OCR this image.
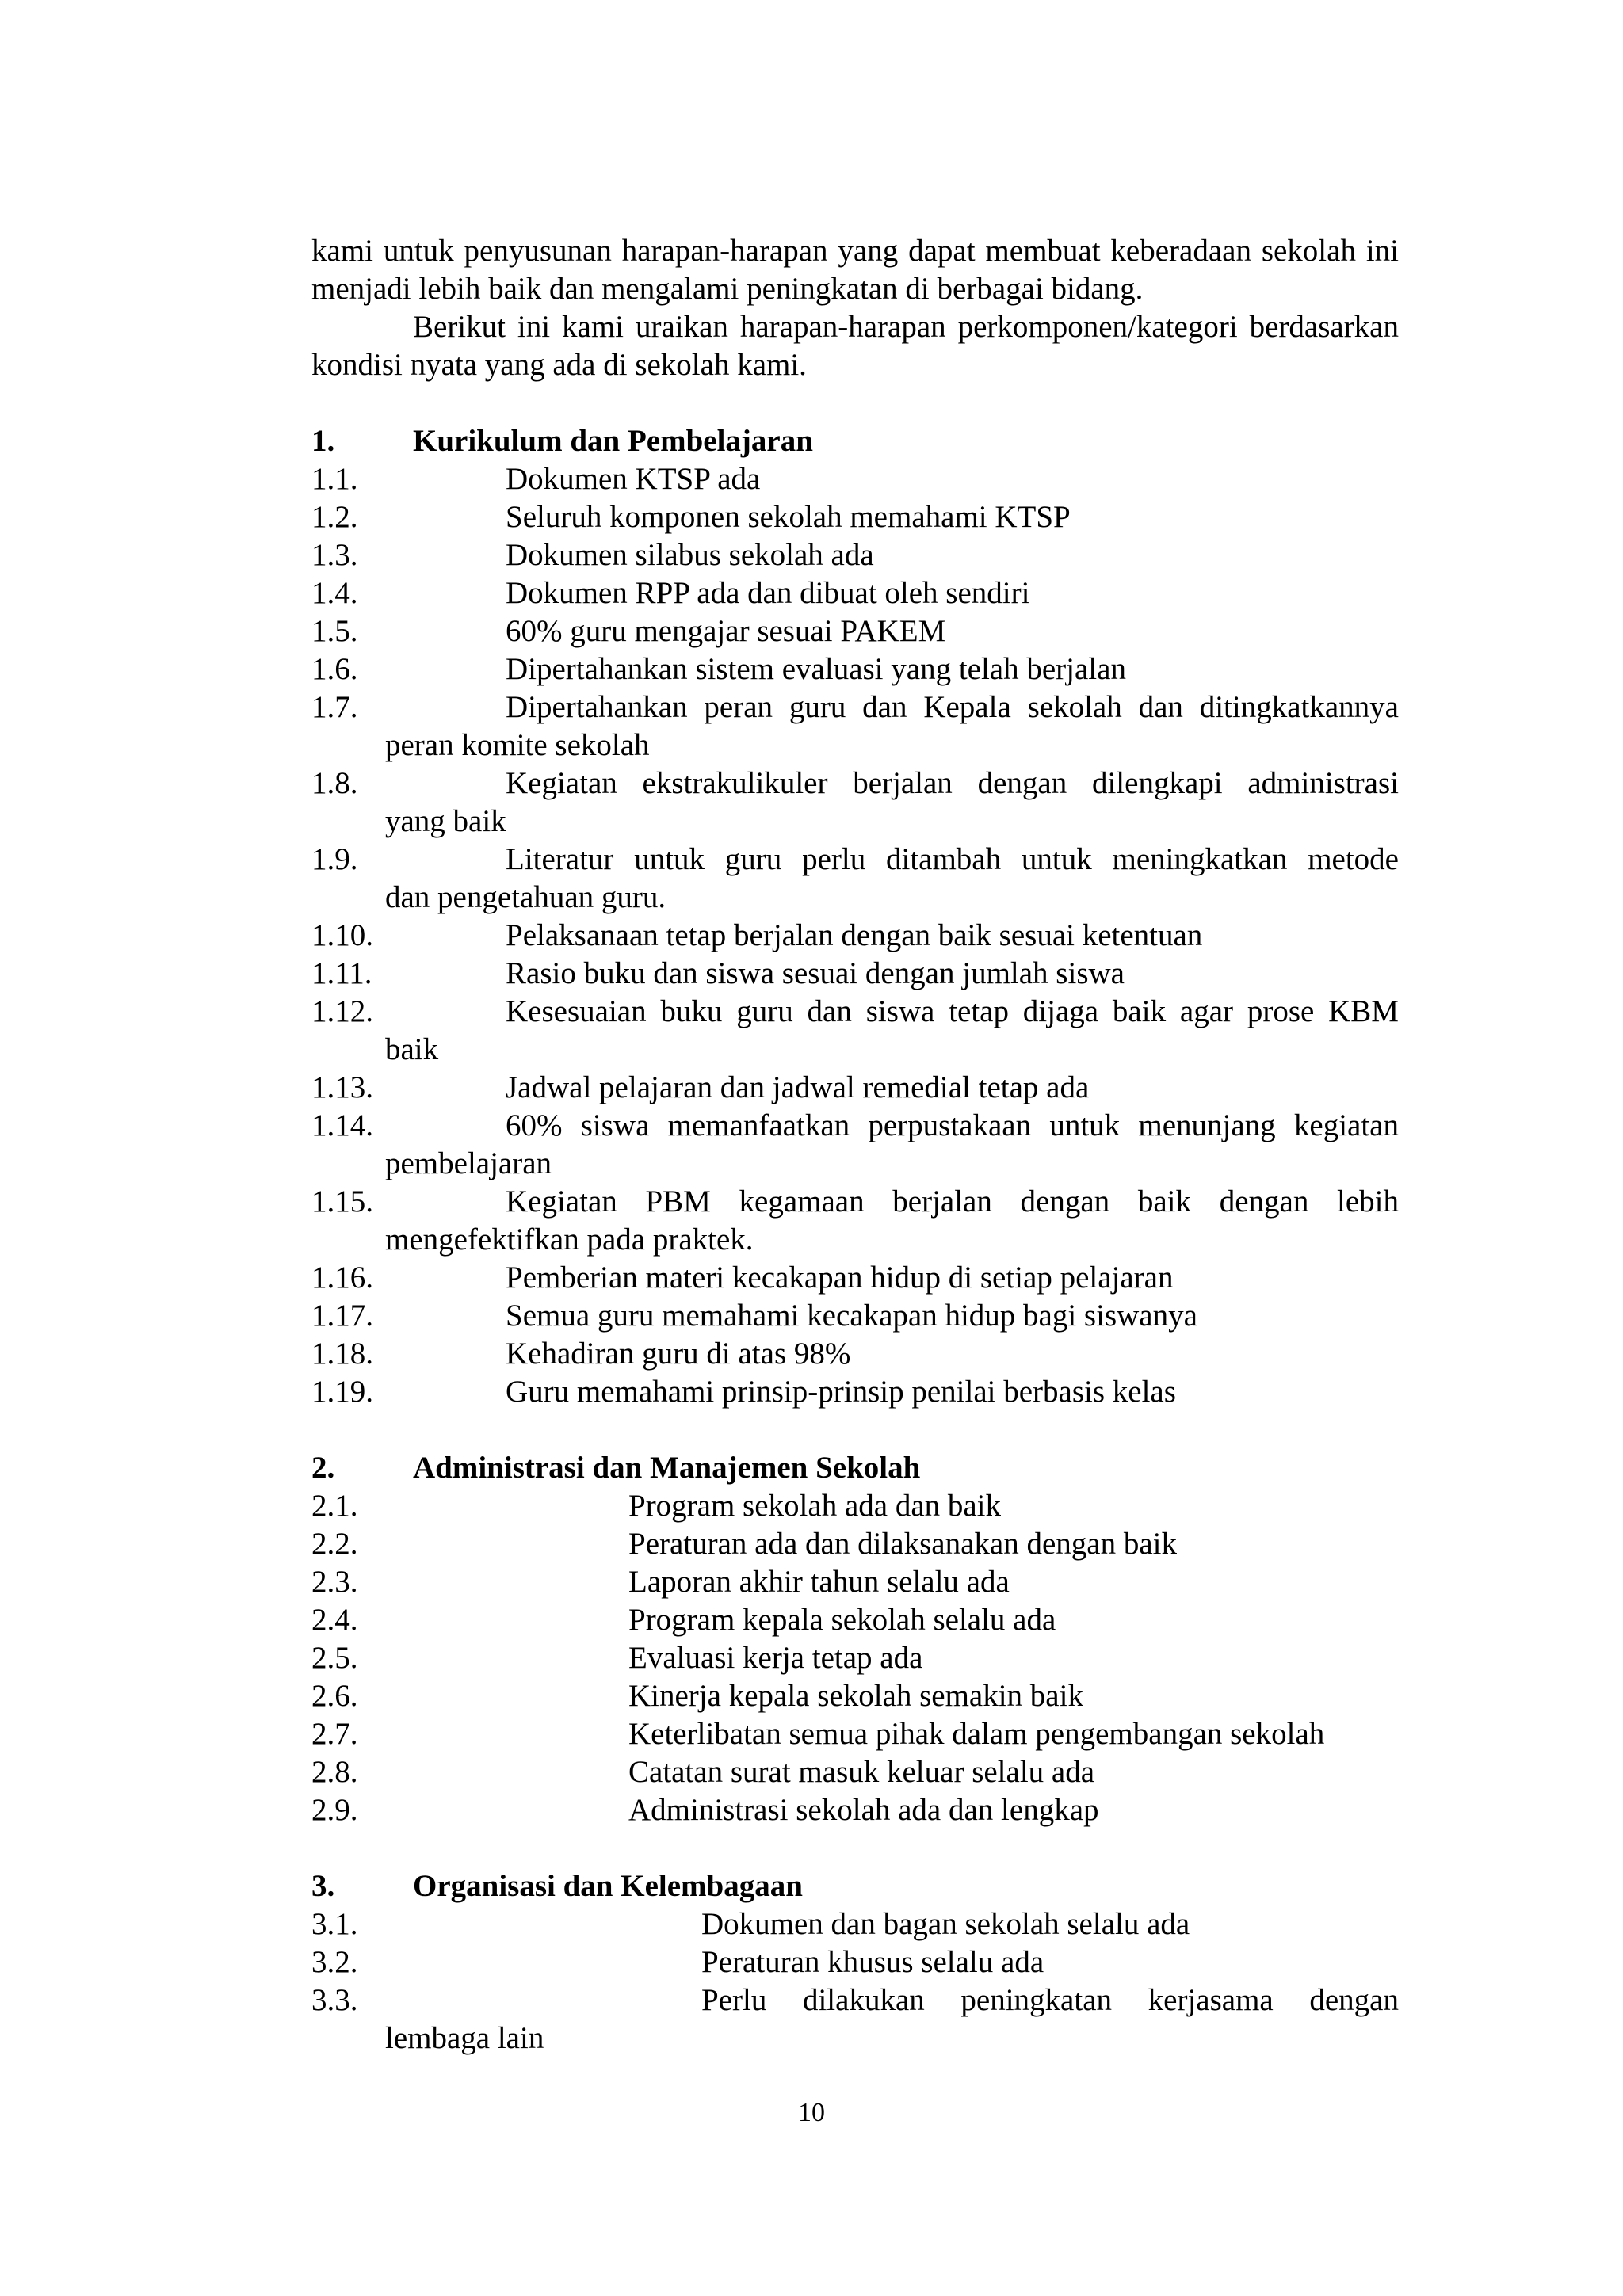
kami untuk penyusunan harapan-harapan yang dapat membuat keberadaan sekolah ini menjadi lebih baik dan mengalami peningkatan di berbagai bidang.

Berikut ini kami uraikan harapan-harapan perkomponen/kategori berdasarkan kondisi nyata yang ada di sekolah kami.

1.	Kurikulum dan Pembelajaran
1.1.	Dokumen KTSP ada
1.2.	Seluruh komponen sekolah memahami KTSP
1.3.	Dokumen silabus sekolah ada
1.4.	Dokumen RPP ada dan dibuat oleh sendiri
1.5.	60% guru mengajar sesuai PAKEM
1.6.	Dipertahankan sistem evaluasi yang telah berjalan
1.7.	Dipertahankan peran guru dan Kepala sekolah dan ditingkatkannya
peran komite sekolah
1.8.	Kegiatan ekstrakulikuler berjalan dengan dilengkapi administrasi
yang baik
1.9.	Literatur untuk guru perlu ditambah untuk meningkatkan metode
dan pengetahuan guru.
1.10.	Pelaksanaan tetap berjalan dengan baik sesuai ketentuan
1.11.	Rasio buku dan siswa sesuai dengan jumlah siswa
1.12.	Kesesuaian buku guru dan siswa tetap dijaga baik agar prose KBM
baik
1.13.	Jadwal pelajaran dan jadwal remedial tetap ada
1.14.	60% siswa memanfaatkan perpustakaan untuk menunjang kegiatan
pembelajaran
1.15.	Kegiatan PBM kegamaan berjalan dengan baik dengan lebih
mengefektifkan pada praktek.
1.16.	Pemberian materi kecakapan hidup di setiap pelajaran
1.17.	Semua guru memahami kecakapan hidup bagi siswanya
1.18.	Kehadiran guru di atas 98%
1.19.	Guru memahami prinsip-prinsip penilai berbasis kelas
2.	Administrasi dan Manajemen Sekolah
2.1.	Program sekolah ada dan baik
2.2.	Peraturan ada dan dilaksanakan dengan baik
2.3.	Laporan akhir tahun selalu ada
2.4.	Program kepala sekolah selalu ada
2.5.	Evaluasi kerja tetap ada
2.6.	Kinerja kepala sekolah semakin baik
2.7.	Keterlibatan semua pihak dalam pengembangan sekolah
2.8.	Catatan surat masuk keluar selalu ada
2.9.	Administrasi sekolah ada dan lengkap
3.	Organisasi dan Kelembagaan
3.1.	Dokumen dan bagan sekolah selalu ada
3.2.	Peraturan khusus selalu ada
3.3.	Perlu dilakukan peningkatan kerjasama dengan
lembaga lain
10
